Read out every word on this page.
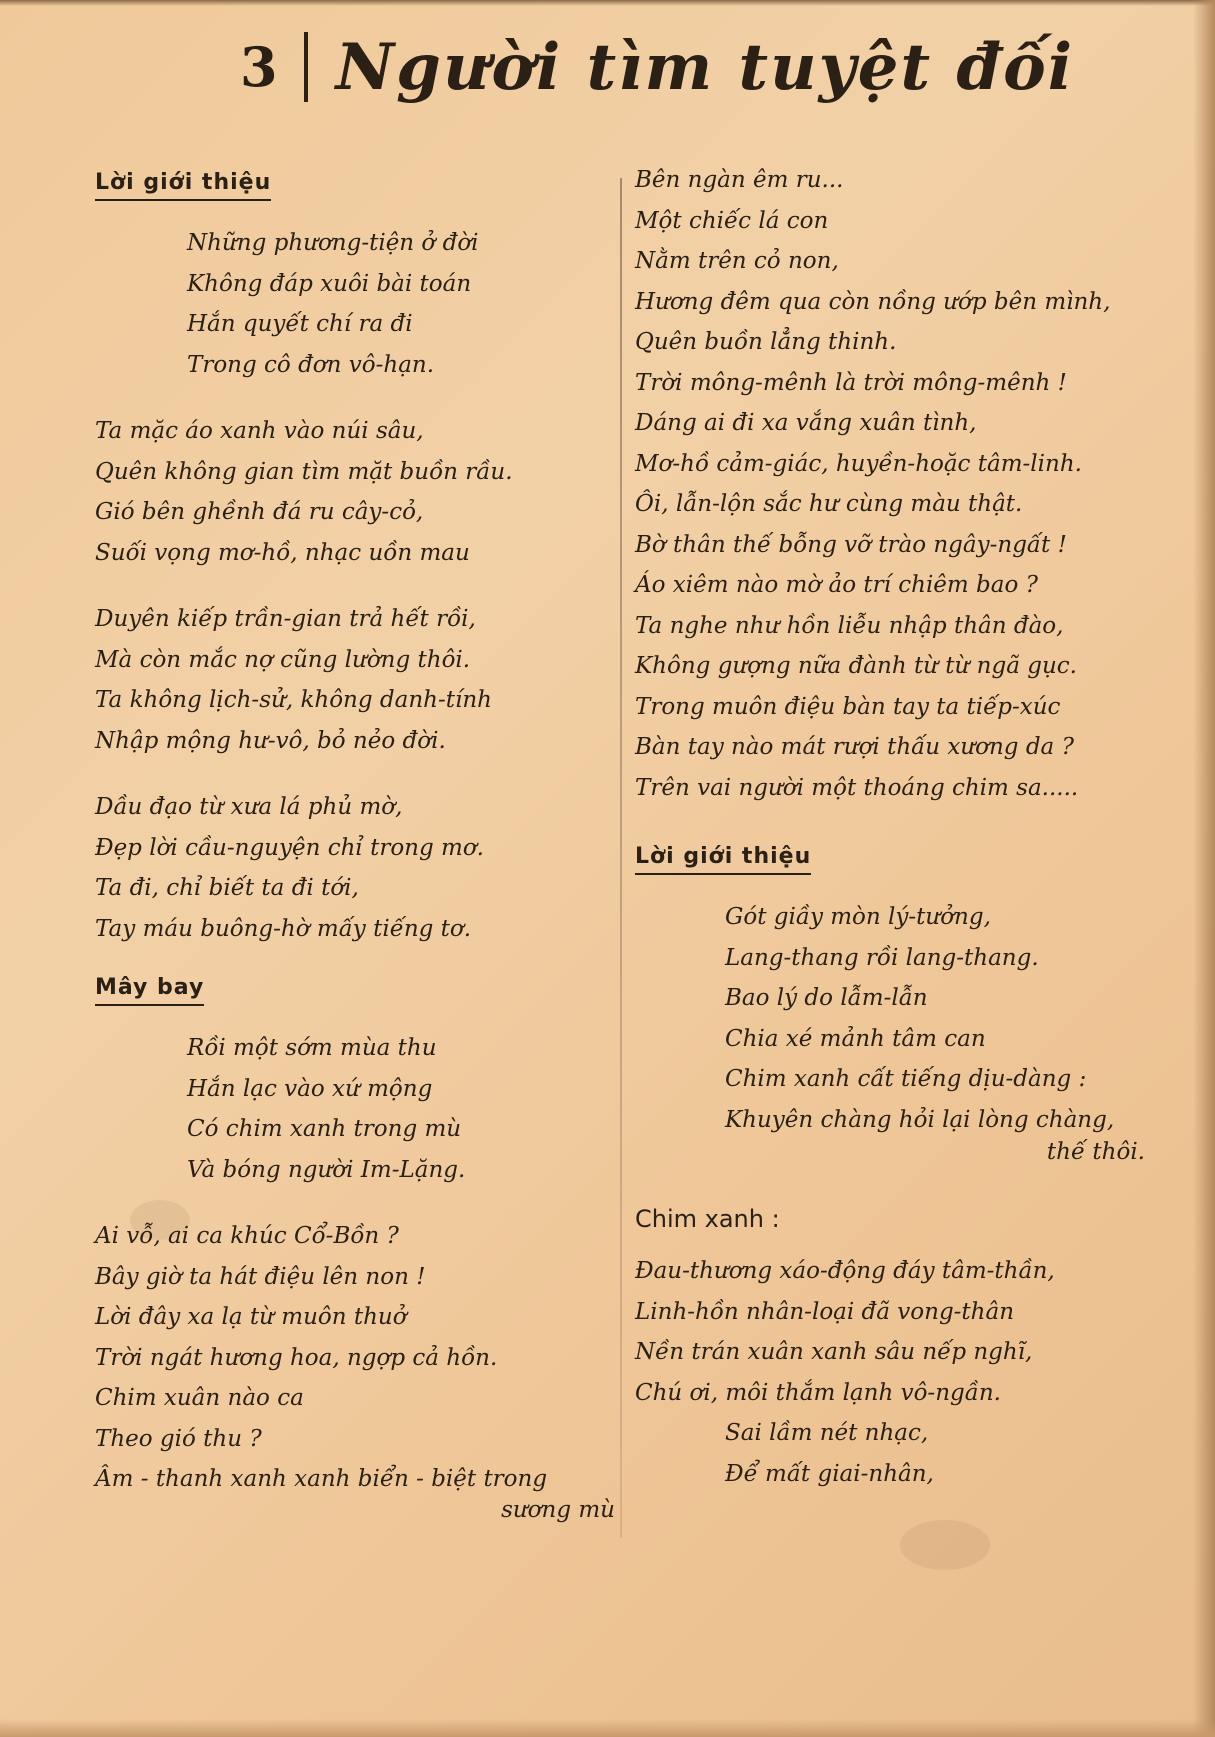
3 Người tìm tuyệt đối
Lời giới thiệu
Những phương-tiện ở đời
Không đáp xuôi bài toán
Hắn quyết chí ra đi
Trong cô đơn vô-hạn.
Ta mặc áo xanh vào núi sâu,
Quên không gian tìm mặt buồn rầu.
Gió bên ghềnh đá ru cây-cỏ,
Suối vọng mơ-hồ, nhạc uồn mau
Duyên kiếp trần-gian trả hết rồi,
Mà còn mắc nợ cũng lường thôi.
Ta không lịch-sử, không danh-tính
Nhập mộng hư-vô, bỏ nẻo đời.
Dầu đạo từ xưa lá phủ mờ,
Đẹp lời cầu-nguyện chỉ trong mơ.
Ta đi, chỉ biết ta đi tới,
Tay máu buông-hờ mấy tiếng tơ.
Mây bay
Rồi một sớm mùa thu
Hắn lạc vào xứ mộng
Có chim xanh trong mù
Và bóng người Im-Lặng.
Ai vỗ, ai ca khúc Cổ-Bồn ?
Bây giờ ta hát điệu lên non !
Lời đây xa lạ từ muôn thuở
Trời ngát hương hoa, ngợp cả hồn.
Chim xuân nào ca
Theo gió thu ?
Âm - thanh xanh xanh biển - biệt trong
sương mù
Bên ngàn êm ru...
Một chiếc lá con
Nằm trên cỏ non,
Hương đêm qua còn nồng ướp bên mình,
Quên buồn lẳng thinh.
Trời mông-mênh là trời mông-mênh !
Dáng ai đi xa vắng xuân tình,
Mơ-hồ cảm-giác, huyền-hoặc tâm-linh.
Ôi, lẫn-lộn sắc hư cùng màu thật.
Bờ thân thế bỗng vỡ trào ngây-ngất !
Áo xiêm nào mờ ảo trí chiêm bao ?
Ta nghe như hồn liễu nhập thân đào,
Không gượng nữa đành từ từ ngã gục.
Trong muôn điệu bàn tay ta tiếp-xúc
Bàn tay nào mát rượi thấu xương da ?
Trên vai người một thoáng chim sa.....
Lời giới thiệu
Gót giầy mòn lý-tưởng,
Lang-thang rồi lang-thang.
Bao lý do lẫm-lẫn
Chia xé mảnh tâm can
Chim xanh cất tiếng dịu-dàng :
Khuyên chàng hỏi lại lòng chàng,
thế thôi.
Chim xanh :
Đau-thương xáo-động đáy tâm-thần,
Linh-hồn nhân-loại đã vong-thân
Nền trán xuân xanh sâu nếp nghĩ,
Chú ơi, môi thắm lạnh vô-ngần.
Sai lầm nét nhạc,
Để mất giai-nhân,
